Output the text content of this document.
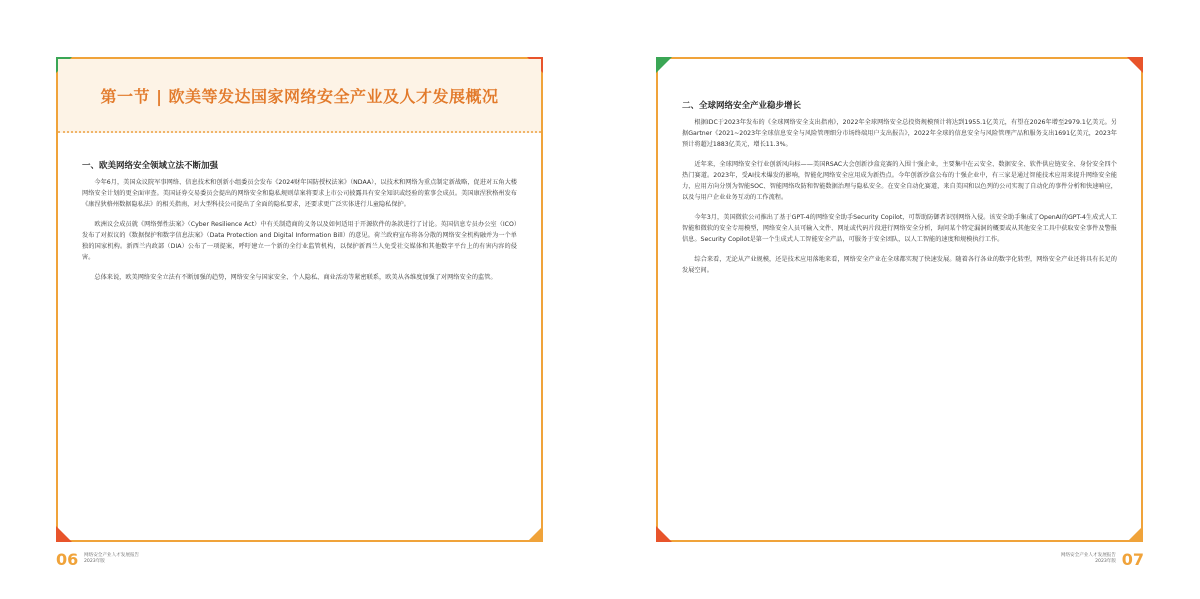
第一节 | 欧美等发达国家网络安全产业及人才发展概况
一、欧美网络安全领域立法不断加强

今年6月，美国众议院军事网络、信息技术和创新小组委员会发布《2024财年国防授权法案》（NDAA），以技术和网络为重点制定新战略，促进对五角大楼网络安全计划的更全面审查。美国证券交易委员会提出的网络安全和隐私规则草案将要求上市公司披露具有安全知识或经验的董事会成员。美国康涅狄格州发布《康涅狄格州数据隐私法》的相关指南，对大型科技公司提出了全面的隐私要求，还要求更广泛实体进行儿童隐私保护。

欧洲议会成员就《网络弹性法案》（Cyber Resilience Act）中有关制造商的义务以及如何适用于开源软件的条款进行了讨论。英国信息专员办公室（ICO）发布了对拟议的《数据保护和数字信息法案》（Data Protection and Digital Information Bill）的意见。荷兰政府宣布将各分散的网络安全机构融并为一个单独的国家机构。新西兰内政部（DIA）公布了一项提案，呼吁建立一个新的全行业监管机构，以保护新西兰人免受社交媒体和其他数字平台上的有害内容的侵害。

总体来说，欧美网络安全立法有不断加强的趋势，网络安全与国家安全、个人隐私、商业活动等紧密联系，欧美从各维度加强了对网络安全的监管。

二、全球网络安全产业稳步增长

根据IDC于2023年发布的《全球网络安全支出指南》，2022年全球网络安全总投资规模预计将达到1955.1亿美元，有望在2026年增至2979.1亿美元。另据Gartner《2021~2023年全球信息安全与风险管理细分市场终端用户支出报告》，2022年全球的信息安全与风险管理产品和服务支出1691亿美元，2023年预计将超过1883亿美元，增长11.3%。

近年来，全球网络安全行业创新风向标——美国RSAC大会创新沙盒竞赛的入围十强企业，主要集中在云安全、数据安全、软件供应链安全、身份安全四个热门赛道。2023年，受AI技术爆发的影响，智能化网络安全应用成为新热点。今年创新沙盒公布的十强企业中，有三家是通过智能技术应用来提升网络安全能力，应用方向分别为智能SOC、智能网络攻防和智能数据治理与隐私安全。在安全自动化赛道，来自美国和以色列的公司实现了自动化的事件分析和快速响应，以及与用户企业业务互动的工作流程。

今年3月，美国微软公司推出了基于GPT-4的网络安全助手Security Copilot，可帮助防御者识别网络入侵。该安全助手集成了OpenAI的GPT-4生成式人工智能和微软的安全专用模型，网络安全人员可输入文件、网址或代码片段进行网络安全分析，询问某个特定漏洞的概要或从其他安全工具中获取安全事件及警报信息。Security Copilot是第一个生成式人工智能安全产品，可服务于安全团队，以人工智能的速度和规模执行工作。

综合来看，无论从产业规模，还是技术应用落地来看，网络安全产业在全球都实现了快速发展。随着各行各业的数字化转型，网络安全产业还将具有长足的发展空间。

06 网络安全产业人才发展报告
2023年版
网络安全产业人才发展报告
2023年版 07
